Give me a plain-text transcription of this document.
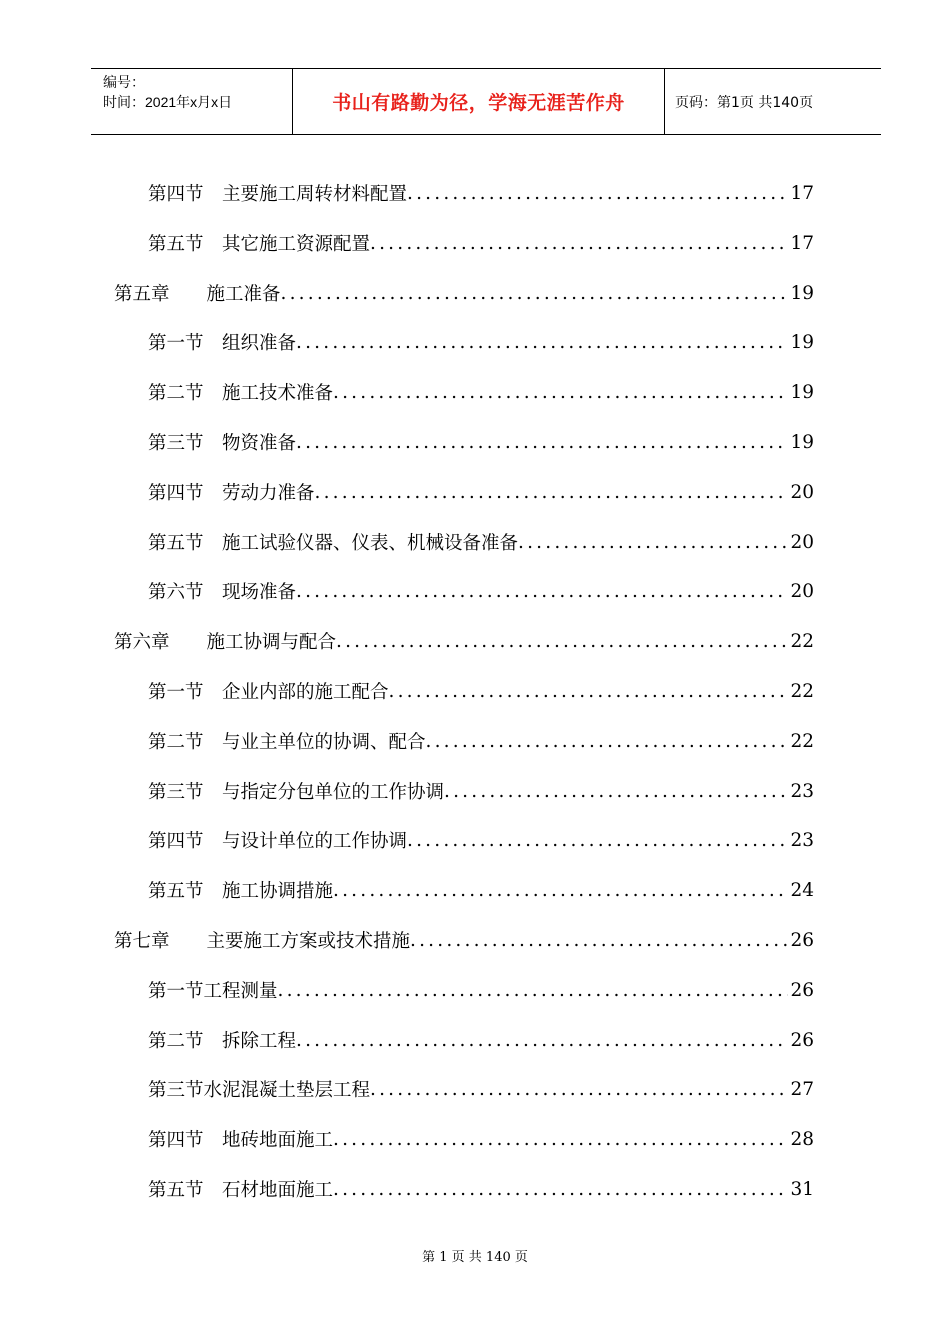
编号：
时间：2021年x月x日	书山有路勤为径，学海无涯苦作舟	页码：第1页 共140页
第四节　主要施工周转材料配置 .....	17
第五节　其它施工资源配置 .....	17
第五章　　施工准备 .....	19
第一节　组织准备 .....	19
第二节　施工技术准备 .....	19
第三节　物资准备 .....	19
第四节　劳动力准备 .....	20
第五节　施工试验仪器、仪表、机械设备准备 .....	20
第六节　现场准备 .....	20
第六章　　施工协调与配合 .....	22
第一节　企业内部的施工配合 .....	22
第二节　与业主单位的协调、配合 .....	22
第三节　与指定分包单位的工作协调 .....	23
第四节　与设计单位的工作协调 .....	23
第五节　施工协调措施 .....	24
第七章　　主要施工方案或技术措施 .....	26
第一节工程测量 .....	26
第二节　拆除工程 .....	26
第三节水泥混凝土垫层工程 .....	27
第四节　地砖地面施工 .....	28
第五节　石材地面施工 .....	31
第 1 页 共 140 页
